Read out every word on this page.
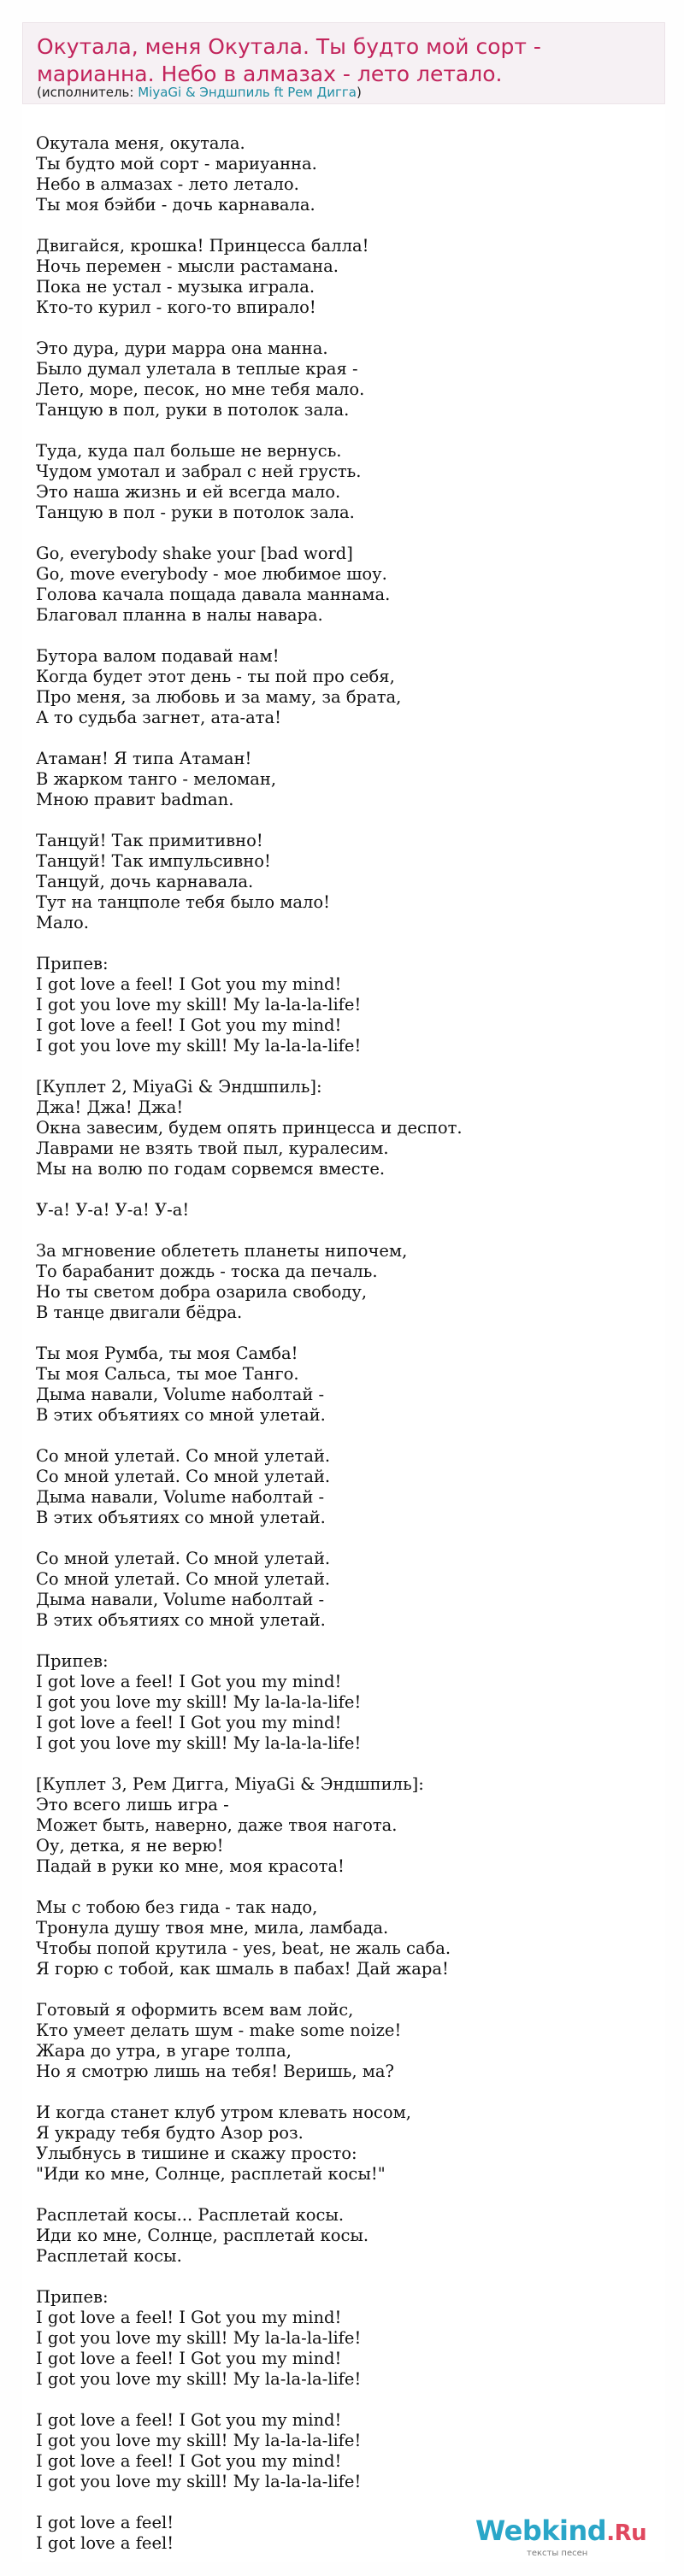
Окутала, меня Окутала. Ты будто мой сорт - марианна. Небо в алмазах - лето летало.
(исполнитель: MiyaGi & Эндшпиль ft Рем Дигга)
Окутала меня, окутала.
Ты будто мой сорт - мариуанна.
Небо в алмазах - лето летало.
Ты моя бэйби - дочь карнавала.

Двигайся, крошка! Принцесса балла!
Ночь перемен - мысли растамана.
Пока не устал - музыка играла.
Кто-то курил - кого-то впирало!

Это дура, дури марра она манна.
Было думал улетала в теплые края -
Лето, море, песок, но мне тебя мало.
Танцую в пол, руки в потолок зала.

Туда, куда пал больше не вернусь.
Чудом умотал и забрал с ней грусть.
Это наша жизнь и ей всегда мало.
Танцую в пол - руки в потолок зала.

Go, everybody shake your [bad word]
Go, move everybody - мое любимое шоу.
Голова качала пощада давала маннама.
Благовал планна в налы навара.

Бутора валом подавай нам!
Когда будет этот день - ты пой про себя,
Про меня, за любовь и за маму, за брата,
А то судьба загнет, ата-ата!

Атаман! Я типа Атаман!
В жарком танго - меломан,
Мною правит badman.

Танцуй! Так примитивно!
Танцуй! Так импульсивно!
Танцуй, дочь карнавала.
Тут на танцполе тебя было мало!
Мало.

Припев:
I got love a feel! I Got you my mind!
I got you love my skill! My la-la-la-life!
I got love a feel! I Got you my mind!
I got you love my skill! My la-la-la-life!

[Куплет 2, MiyaGi & Эндшпиль]:
Джа! Джа! Джа!
Окна завесим, будем опять принцесса и деспот.
Лаврами не взять твой пыл, куралесим.
Мы на волю по годам сорвемся вместе.

У-а! У-а! У-а! У-а!

За мгновение облететь планеты нипочем,
То барабанит дождь - тоска да печаль.
Но ты светом добра озарила свободу,
В танце двигали бёдра.

Ты моя Румба, ты моя Самба!
Ты моя Сальса, ты мое Танго.
Дыма навали, Volume наболтай -
В этих объятиях со мной улетай.

Со мной улетай. Со мной улетай.
Со мной улетай. Со мной улетай.
Дыма навали, Volume наболтай -
В этих объятиях со мной улетай.

Со мной улетай. Со мной улетай.
Со мной улетай. Со мной улетай.
Дыма навали, Volume наболтай -
В этих объятиях со мной улетай.

Припев:
I got love a feel! I Got you my mind!
I got you love my skill! My la-la-la-life!
I got love a feel! I Got you my mind!
I got you love my skill! My la-la-la-life!

[Куплет 3, Рем Дигга, MiyaGi & Эндшпиль]:
Это всего лишь игра -
Может быть, наверно, даже твоя нагота.
Оу, детка, я не верю!
Падай в руки ко мне, моя красота!

Мы с тобою без гида - так надо,
Тронула душу твоя мне, мила, ламбада.
Чтобы попой крутила - yes, beat, не жаль саба.
Я горю с тобой, как шмаль в пабах! Дай жара!

Готовый я оформить всем вам лойс,
Кто умеет делать шум - make some noize!
Жара до утра, в угаре толпа,
Но я смотрю лишь на тебя! Веришь, ма?

И когда станет клуб утром клевать носом,
Я украду тебя будто Азор роз.
Улыбнусь в тишине и скажу просто:
"Иди ко мне, Солнце, расплетай косы!"

Расплетай косы... Расплетай косы.
Иди ко мне, Солнце, расплетай косы.
Расплетай косы.

Припев:
I got love a feel! I Got you my mind!
I got you love my skill! My la-la-la-life!
I got love a feel! I Got you my mind!
I got you love my skill! My la-la-la-life!

I got love a feel! I Got you my mind!
I got you love my skill! My la-la-la-life!
I got love a feel! I Got you my mind!
I got you love my skill! My la-la-la-life!

I got love a feel!
I got love a feel!	Webkind.Ru
тексты песен
